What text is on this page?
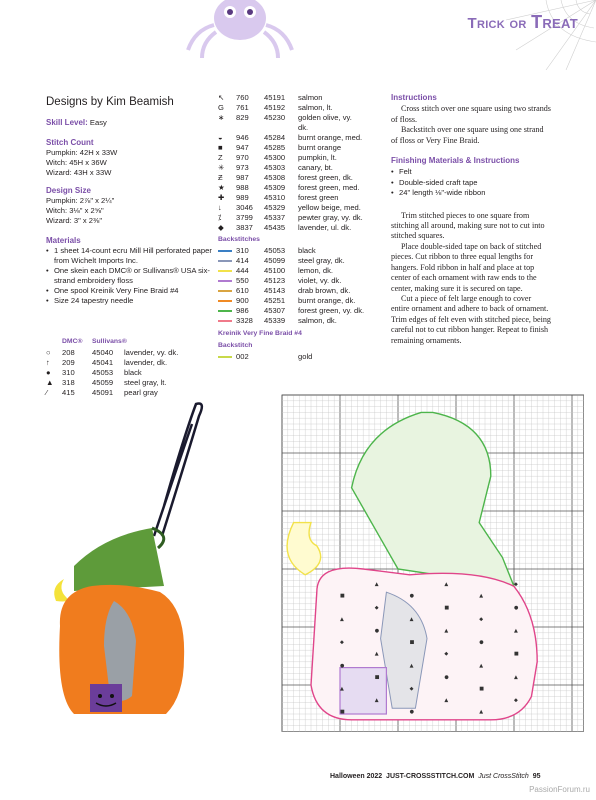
Trick or Treat
Designs by Kim Beamish
Skill Level: Easy
Stitch Count
Pumpkin: 42H x 33W
Witch: 45H x 36W
Wizard: 43H x 33W
Design Size
Pumpkin: 2⅞" x 2¼"
Witch: 3⅛" x 2⅝"
Wizard: 3" x 2⅜"
Materials
• 1 sheet 14-count ecru Mill Hill perforated paper from Wichelt Imports Inc.
• One skein each DMC® or Sullivans® USA six-strand embroidery floss
• One spool Kreinik Very Fine Braid #4
• Size 24 tapestry needle
DMC® Sullivans®
○ 208 45040 lavender, vy. dk.
↑ 209 45041 lavender, dk.
● 310 45053 black
▲ 318 45059 steel gray, lt.
⁄ 415 45091 pearl gray
↖ 760 45191 salmon
G 761 45192 salmon, lt.
∗ 829 45230 golden olive, vy.
dk.
◒ 946 45284 burnt orange, med.
■ 947 45285 burnt orange
Z 970 45300 pumpkin, lt.
✳ 973 45303 canary, bt.
Ƶ 987 45308 forest green, dk.
★ 988 45309 forest green, med.
✚ 989 45310 forest green
↓ 3046 45329 yellow beige, med.
⁒ 3799 45337 pewter gray, vy. dk.
◆ 3837 45435 lavender, ul. dk.
Backstitches
310 45053 black
414 45099 steel gray, dk.
444 45100 lemon, dk.
550 45123 violet, vy. dk.
610 45143 drab brown, dk.
900 45251 burnt orange, dk.
986 45307 forest green, vy. dk.
3328 45339 salmon, dk.
Kreinik Very Fine Braid #4
Backstitch
002	gold
Instructions

Cross stitch over one square using two strands of floss.

Backstitch over one square using one strand of floss or Very Fine Braid.

Finishing Materials & Instructions
• Felt
• Double-sided craft tape
• 24" length ⅛"-wide ribbon

Trim stitched pieces to one square from stitching all around, making sure not to cut into stitched squares.

Place double-sided tape on back of stitched pieces. Cut ribbon to three equal lengths for hangers. Fold ribbon in half and place at top center of each ornament with raw ends to the center, making sure it is secured on tape.

Cut a piece of felt large enough to cover entire ornament and adhere to back of ornament. Trim edges of felt even with stitched piece, being careful not to cut ribbon hanger. Repeat to finish remaining ornaments.

▲	▲	◆
■	●	▲
◆	■	●
▲	▲	◆
●	▲	▲
◆	■	●
▲	◆	■
●	▲	▲
■	●	▲
▲	◆	■
▲	▲	◆
■	●	▲
Halloween 2022 JUST-CROSSSTITCH.COM Just CrossStitch 95
PassionForum.ru
